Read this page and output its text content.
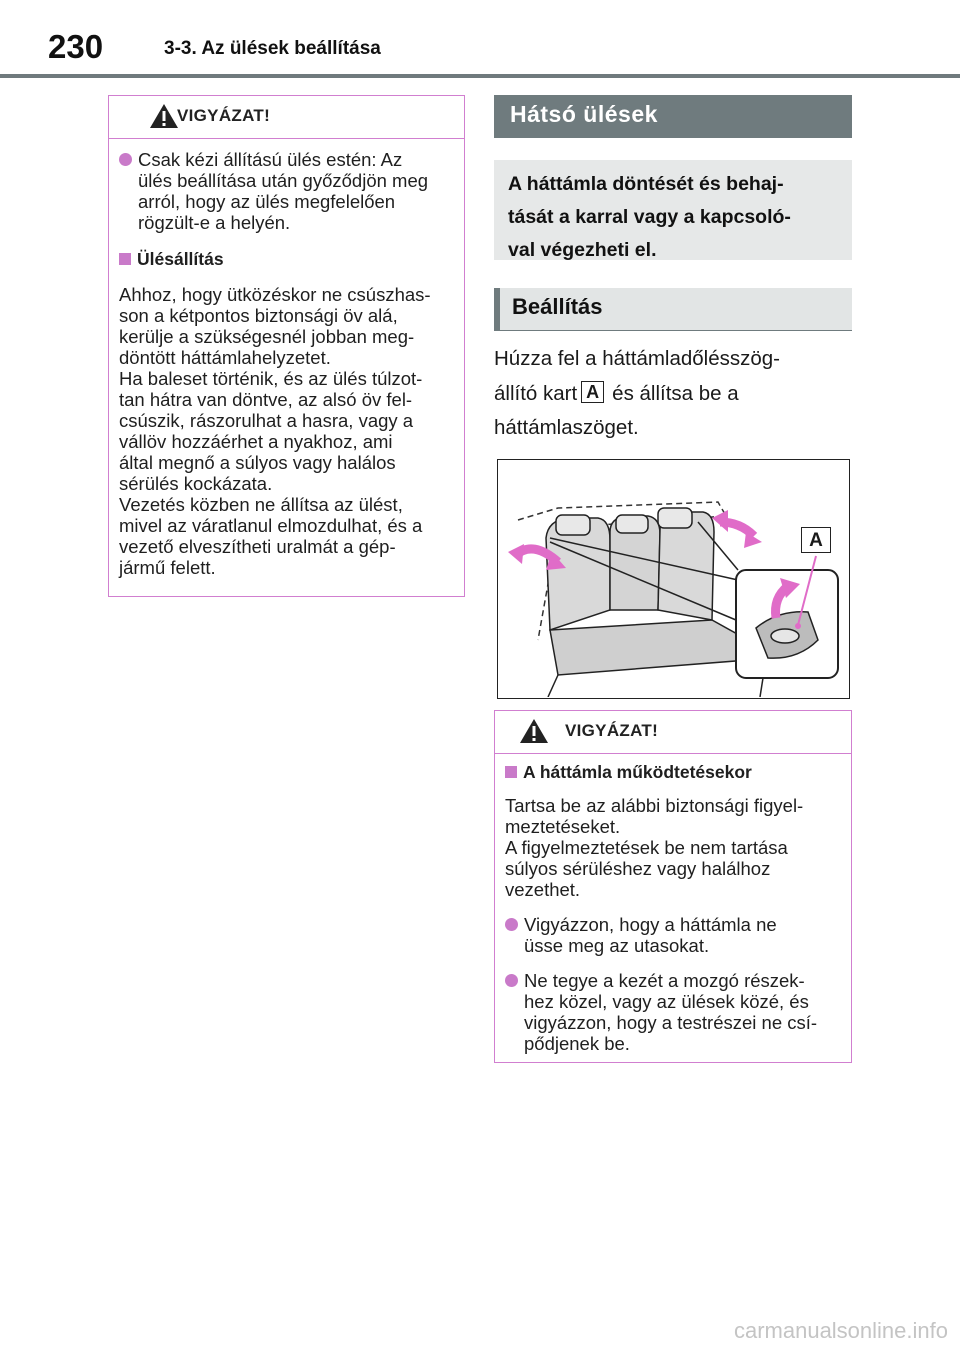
230	3-3. Az ülések beállítása
VIGYÁZAT!
Csak kézi állítású ülés estén: Az
ülés beállítása után győződjön meg
arról, hogy az ülés megfelelően
rögzült-e a helyén.
Ülésállítás
Ahhoz, hogy ütközéskor ne csúszhas-
son a kétpontos biztonsági öv alá,
kerülje a szükségesnél jobban meg-
döntött háttámlahelyzetet.
Ha baleset történik, és az ülés túlzot-
tan hátra van döntve, az alsó öv fel-
csúszik, rászorulhat a hasra, vagy a
vállöv hozzáérhet a nyakhoz, ami
által megnő a súlyos vagy halálos
sérülés kockázata.
Vezetés közben ne állítsa az ülést,
mivel az váratlanul elmozdulhat, és a
vezető elveszítheti uralmát a gép-
jármű felett.
Hátsó ülések
A háttámla döntését és behaj-
tását a karral vagy a kapcsoló-
val végezheti el.
Beállítás
Húzza fel a háttámladőlésszög-
állító kart A és állítsa be a
háttámlaszöget.
A
VIGYÁZAT!
A háttámla működtetésekor
Tartsa be az alábbi biztonsági figyel-
meztetéseket.
A figyelmeztetések be nem tartása
súlyos sérüléshez vagy halálhoz
vezethet.
Vigyázzon, hogy a háttámla ne
üsse meg az utasokat.
Ne tegye a kezét a mozgó részek-
hez közel, vagy az ülések közé, és
vigyázzon, hogy a testrészei ne csí-
pődjenek be.
carmanualsonline.info
